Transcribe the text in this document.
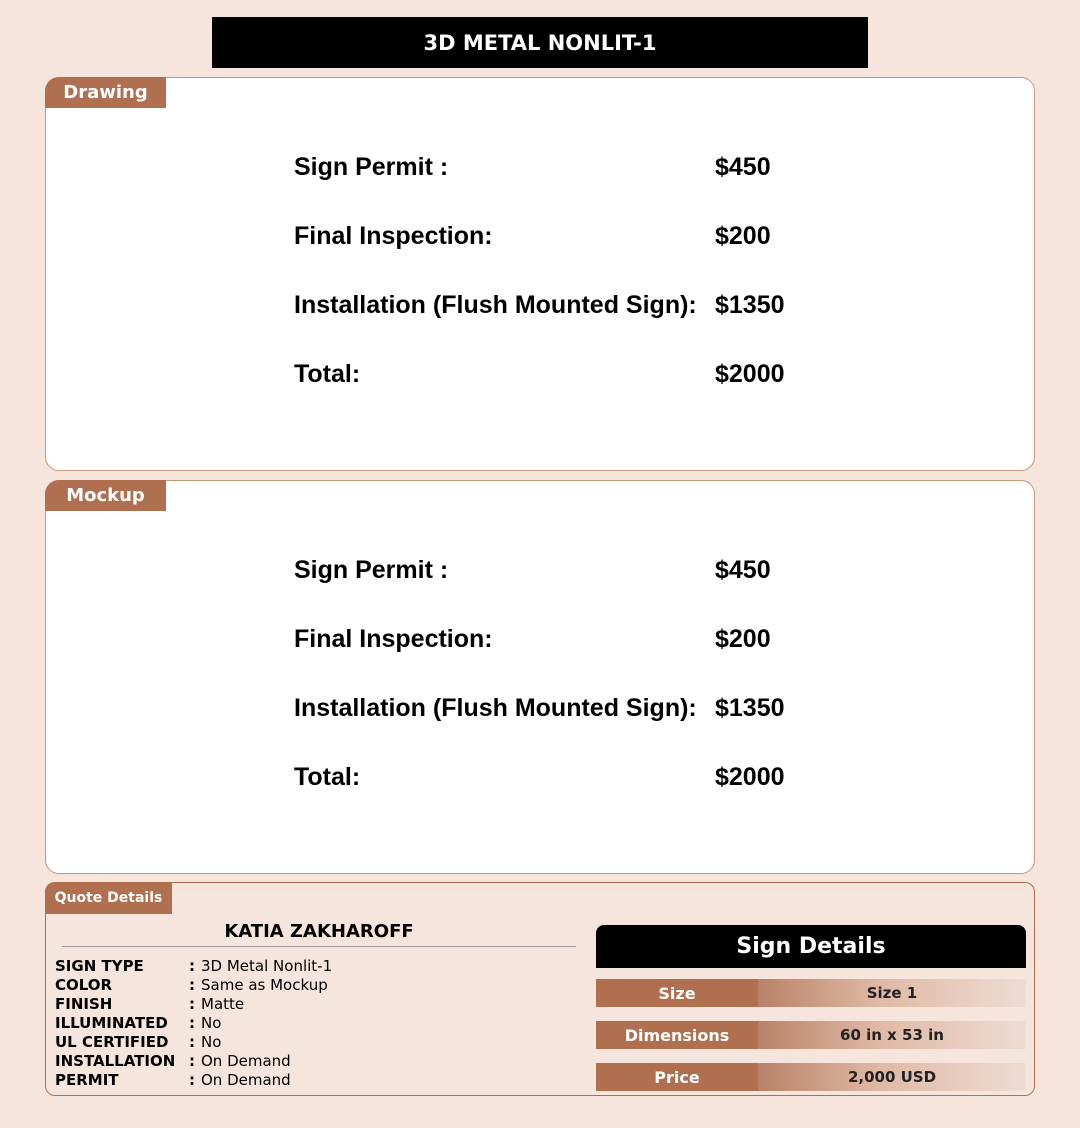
3D METAL NONLIT-1
Drawing
Sign Permit :	$450
Final Inspection:	$200
Installation (Flush Mounted Sign): $1350
Total:	$2000
Mockup
Sign Permit :	$450
Final Inspection:	$200
Installation (Flush Mounted Sign): $1350
Total:	$2000
Quote Details
KATIA ZAKHAROFF
SIGN TYPE	: 3D Metal Nonlit-1
COLOR	: Same as Mockup
FINISH	: Matte
ILLUMINATED	: No
UL CERTIFIED	: No
INSTALLATION : On Demand
PERMIT	: On Demand
Sign Details
Size	Size 1
Dimensions	60 in x 53 in
Price	2,000 USD
